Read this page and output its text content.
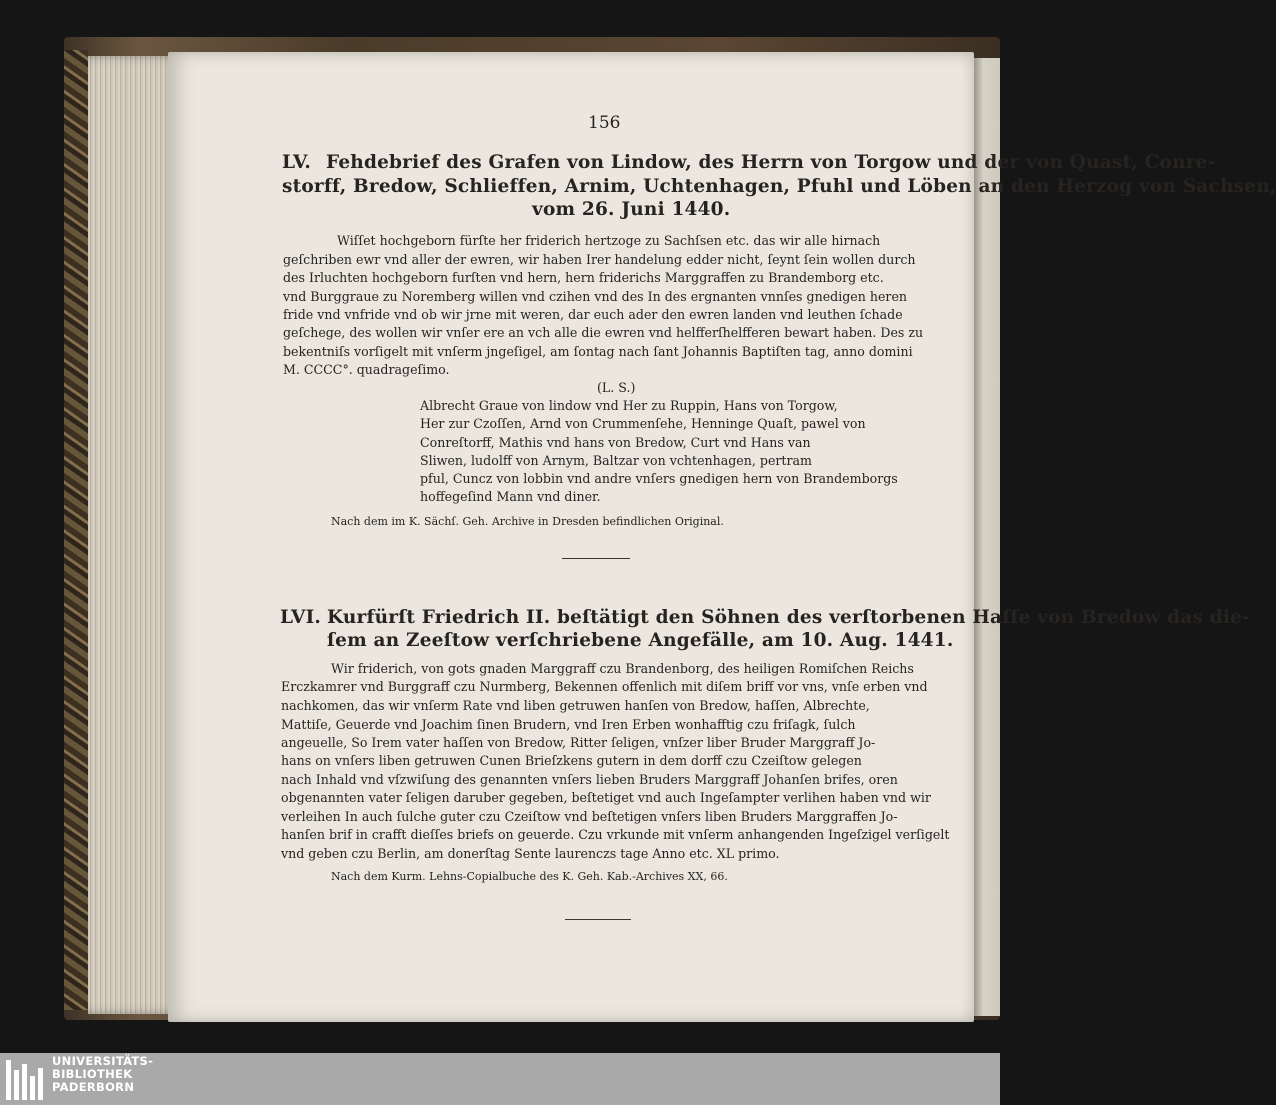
156

LV. Fehdebrief des Grafen von Lindow, des Herrn von Torgow und der von Quast, Conre-

storff, Bredow, Schlieffen, Arnim, Uchtenhagen, Pfuhl und Löben an den Herzog von Sachsen,

vom 26. Juni 1440.

Wiſſet hochgeborn fürſte her friderich hertzoge zu Sachſsen etc. das wir alle hirnach

geſchriben ewr vnd aller der ewren, wir haben Irer handelung edder nicht, ſeynt ſein wollen durch

des Irluchten hochgeborn furſten vnd hern, hern friderichs Marggraffen zu Brandemborg etc.

vnd Burggraue zu Noremberg willen vnd czihen vnd des In des ergnanten vnnſes gnedigen heren

fride vnd vnfride vnd ob wir jrne mit weren, dar euch ader den ewren landen vnd leuthen ſchade

geſchege, des wollen wir vnſer ere an vch alle die ewren vnd helfferſhelfferen bewart haben. Des zu

bekentniſs vorſigelt mit vnſerm jngeſigel, am ſontag nach ſant Johannis Baptiſten tag, anno domini

M. CCCC°. quadrageſimo.

(L. S.)

Albrecht Graue von lindow vnd Her zu Ruppin, Hans von Torgow,

Her zur Czoſſen, Arnd von Crummenſehe, Henninge Quaſt, pawel von

Conreſtorff, Mathis vnd hans von Bredow, Curt vnd Hans van

Sliwen, ludolff von Arnym, Baltzar von vchtenhagen, pertram

pful, Cuncz von lobbin vnd andre vnſers gnedigen hern von Brandemborgs

hoffegeſind Mann vnd diner.

Nach dem im K. Sächſ. Geh. Archive in Dresden befindlichen Original.

LVI. Kurfürſt Friedrich II. beſtätigt den Söhnen des verſtorbenen Haſſe von Bredow das die-

ſem an Zeeſtow verſchriebene Angefälle, am 10. Aug. 1441.

Wir friderich, von gots gnaden Marggraff czu Brandenborg, des heiligen Romiſchen Reichs

Erczkamrer vnd Burggraff czu Nurmberg, Bekennen offenlich mit diſem briff vor vns, vnſe erben vnd

nachkomen, das wir vnſerm Rate vnd liben getruwen hanſen von Bredow, haſſen, Albrechte,

Mattiſe, Geuerde vnd Joachim ſinen Brudern, vnd Iren Erben wonhafftig czu friſagk, ſulch

angeuelle, So Irem vater haſſen von Bredow, Ritter ſeligen, vnſzer liber Bruder Marggraff Jo-

hans on vnſers liben getruwen Cunen Brieſzkens gutern in dem dorff czu Czeiſtow gelegen

nach Inhald vnd vſzwiſung des genannten vnſers lieben Bruders Marggraff Johanſen brifes, oren

obgenannten vater ſeligen daruber gegeben, beſtetiget vnd auch Ingeſampter verlihen haben vnd wir

verleihen In auch ſulche guter czu Czeiſtow vnd beſtetigen vnſers liben Bruders Marggraffen Jo-

hanſen brif in crafft dieſſes briefs on geuerde. Czu vrkunde mit vnſerm anhangenden Ingeſzigel verſigelt

vnd geben czu Berlin, am donerſtag Sente laurenczs tage Anno etc. XL primo.

Nach dem Kurm. Lehns-Copialbuche des K. Geh. Kab.-Archives XX, 66.

UNIVERSITÄTS-
BIBLIOTHEK
PADERBORN
